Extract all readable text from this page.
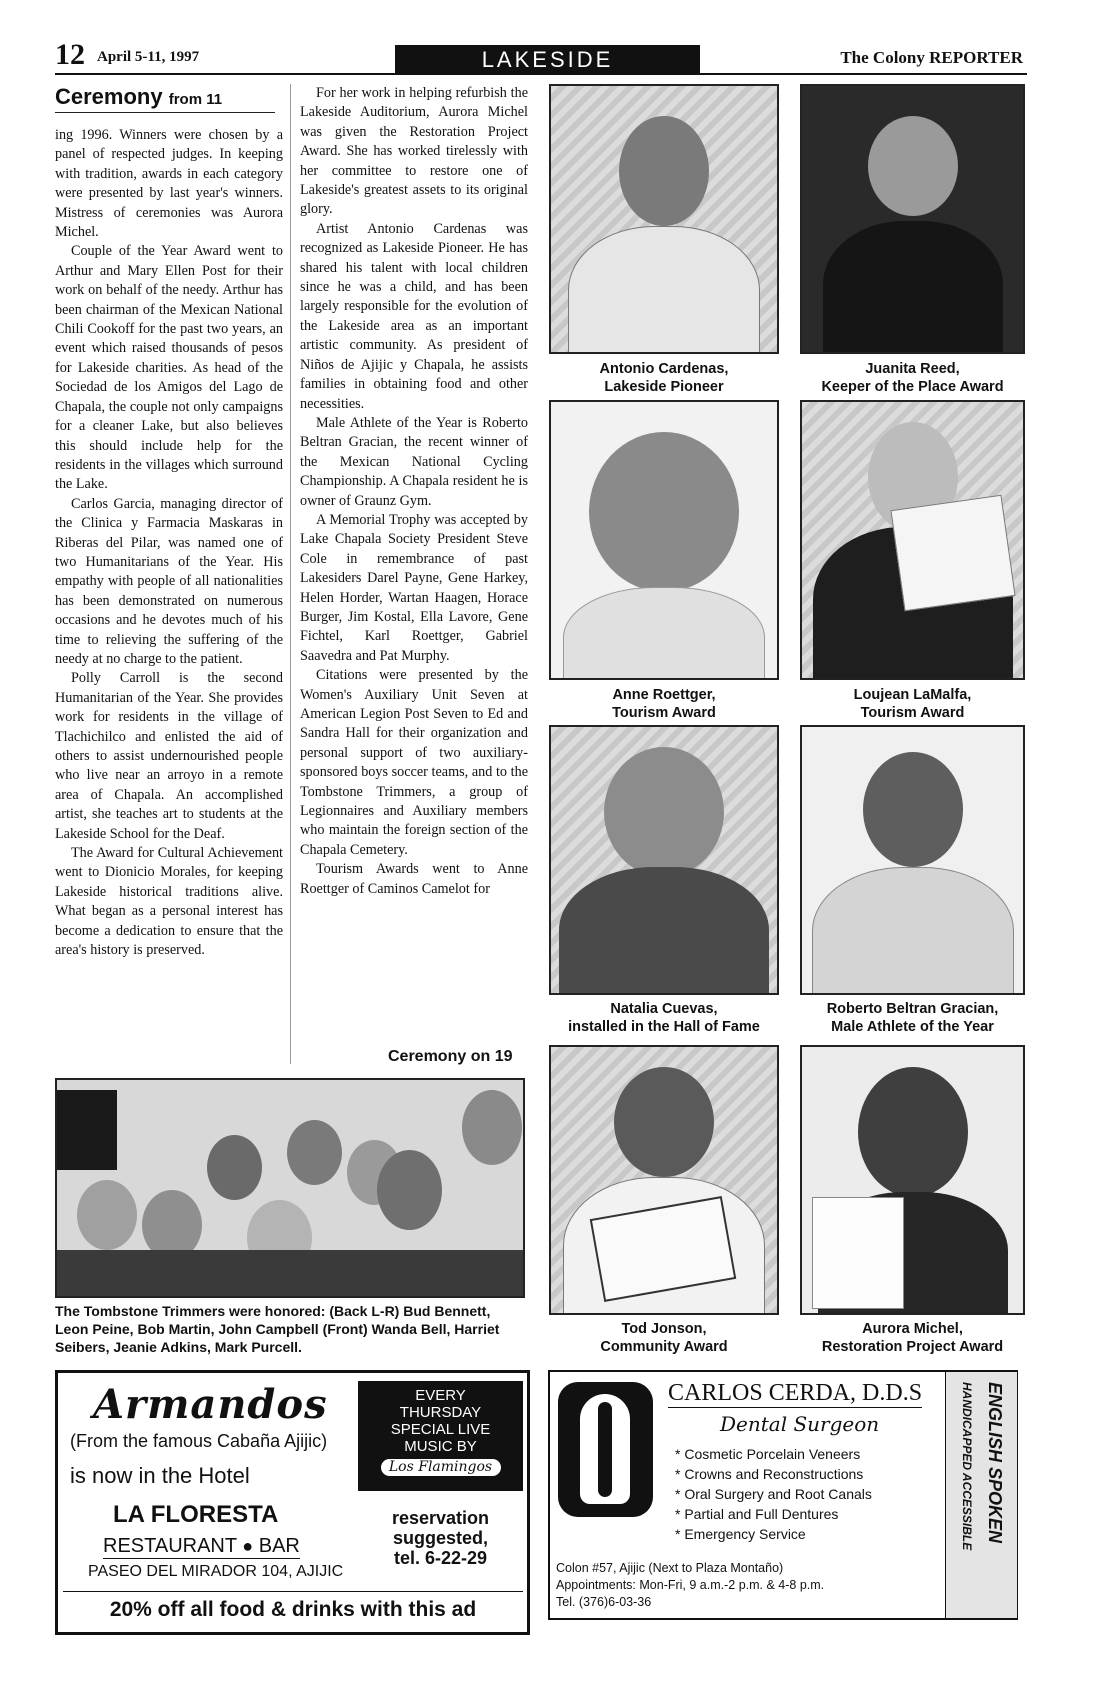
12 April 5-11, 1997	LAKESIDE	The Colony REPORTER
Ceremony from 11

ing 1996. Winners were chosen by a panel of respected judges. In keeping with tradition, awards in each category were presented by last year's winners. Mistress of ceremonies was Aurora Michel.

Couple of the Year Award went to Arthur and Mary Ellen Post for their work on behalf of the needy. Arthur has been chairman of the Mexican National Chili Cookoff for the past two years, an event which raised thousands of pesos for Lakeside charities. As head of the Sociedad de los Amigos del Lago de Chapala, the couple not only campaigns for a cleaner Lake, but also believes this should include help for the residents in the villages which surround the Lake.

Carlos Garcia, managing director of the Clinica y Farmacia Maskaras in Riberas del Pilar, was named one of two Humanitarians of the Year. His empathy with people of all nationalities has been demonstrated on numerous occasions and he devotes much of his time to relieving the suffering of the needy at no charge to the patient.

Polly Carroll is the second Humanitarian of the Year. She provides work for residents in the village of Tlachichilco and enlisted the aid of others to assist undernourished people who live near an arroyo in a remote area of Chapala. An accomplished artist, she teaches art to students at the Lakeside School for the Deaf.

The Award for Cultural Achievement went to Dionicio Morales, for keeping Lakeside historical traditions alive. What began as a personal interest has become a dedication to ensure that the area's history is preserved.

For her work in helping refurbish the Lakeside Auditorium, Aurora Michel was given the Restoration Project Award. She has worked tirelessly with her committee to restore one of Lakeside's greatest assets to its original glory.

Artist Antonio Cardenas was recognized as Lakeside Pioneer. He has shared his talent with local children since he was a child, and has been largely responsible for the evolution of the Lakeside area as an important artistic community. As president of Niños de Ajijic y Chapala, he assists families in obtaining food and other necessities.

Male Athlete of the Year is Roberto Beltran Gracian, the recent winner of the Mexican National Cycling Championship. A Chapala resident he is owner of Graunz Gym.

A Memorial Trophy was accepted by Lake Chapala Society President Steve Cole in remembrance of past Lakesiders Darel Payne, Gene Harkey, Helen Horder, Wartan Haagen, Horace Burger, Jim Kostal, Ella Lavore, Gene Fichtel, Karl Roettger, Gabriel Saavedra and Pat Murphy.

Citations were presented by the Women's Auxiliary Unit Seven at American Legion Post Seven to Ed and Sandra Hall for their organization and personal support of two auxiliary-sponsored boys soccer teams, and to the Tombstone Trimmers, a group of Legionnaires and Auxiliary members who maintain the foreign section of the Chapala Cemetery.

Tourism Awards went to Anne Roettger of Caminos Camelot for

Ceremony on 19
Antonio Cardenas,
Lakeside Pioneer
Juanita Reed,
Keeper of the Place Award
Anne Roettger,
Tourism Award
Loujean LaMalfa,
Tourism Award
Natalia Cuevas,
installed in the Hall of Fame
Roberto Beltran Gracian,
Male Athlete of the Year
Tod Jonson,
Community Award
Aurora Michel,
Restoration Project Award
The Tombstone Trimmers were honored: (Back L-R) Bud Bennett, Leon Peine, Bob Martin, John Campbell (Front) Wanda Bell, Harriet Seibers, Jeanie Adkins, Mark Purcell.
Armandos
(From the famous Cabaña Ajijic)
is now in the Hotel
LA FLORESTA
RESTAURANT ● BAR
PASEO DEL MIRADOR 104, AJIJIC
EVERY
THURSDAY
SPECIAL LIVE
MUSIC BY
Los Flamingos
reservation
suggested,
tel. 6-22-29
20% off all food & drinks with this ad
CARLOS CERDA, D.D.S
Dental Surgeon
* Cosmetic Porcelain Veneers
* Crowns and Reconstructions
* Oral Surgery and Root Canals
* Partial and Full Dentures
* Emergency Service
Colon #57, Ajijic (Next to Plaza Montaño)
Appointments: Mon-Fri, 9 a.m.-2 p.m. & 4-8 p.m.
Tel. (376)6-03-36
ENGLISH SPOKEN
HANDICAPPED ACCESSIBLE
